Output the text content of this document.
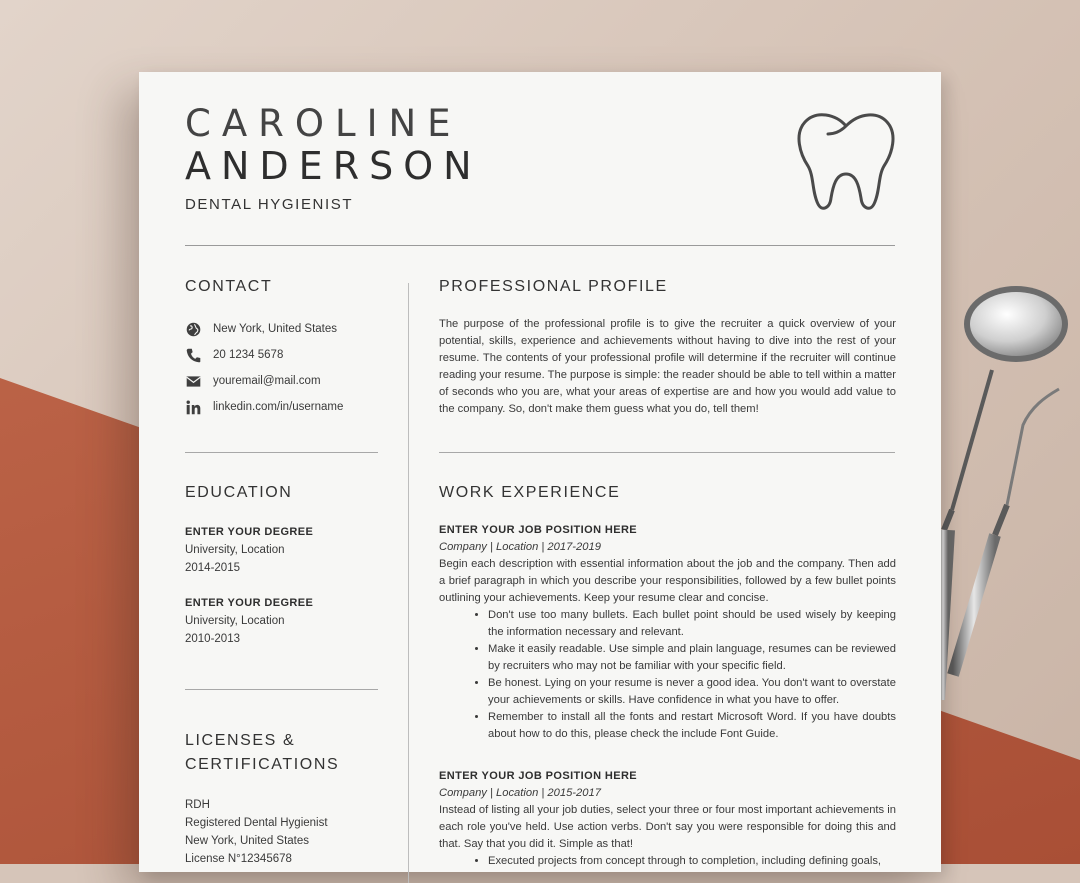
CAROLINE
ANDERSON
DENTAL HYGIENIST
CONTACT
New York, United States
20 1234 5678
youremail@mail.com
linkedin.com/in/username
EDUCATION
ENTER YOUR DEGREE
University, Location
2014-2015
ENTER YOUR DEGREE
University, Location
2010-2013
LICENSES &
CERTIFICATIONS
RDH
Registered Dental Hygienist
New York, United States
License N°12345678
PROFESSIONAL PROFILE
The purpose of the professional profile is to give the recruiter a quick overview of your potential, skills, experience and achievements without having to dive into the rest of your resume. The contents of your professional profile will determine if the recruiter will continue reading your resume. The purpose is simple: the reader should be able to tell within a matter of seconds who you are, what your areas of expertise are and how you would add value to the company. So, don't make them guess what you do, tell them!
WORK EXPERIENCE
ENTER YOUR JOB POSITION HERE
Company | Location | 2017-2019
Begin each description with essential information about the job and the company. Then add a brief paragraph in which you describe your responsibilities, followed by a few bullet points outlining your achievements. Keep your resume clear and concise.
• Don't use too many bullets. Each bullet point should be used wisely by keeping the information necessary and relevant.
• Make it easily readable. Use simple and plain language, resumes can be reviewed by recruiters who may not be familiar with your specific field.
• Be honest. Lying on your resume is never a good idea. You don't want to overstate your achievements or skills. Have confidence in what you have to offer.
• Remember to install all the fonts and restart Microsoft Word. If you have doubts about how to do this, please check the include Font Guide.
ENTER YOUR JOB POSITION HERE
Company | Location | 2015-2017
Instead of listing all your job duties, select your three or four most important achievements in each role you've held. Use action verbs. Don't say you were responsible for doing this and that. Say that you did it. Simple as that!
• Executed projects from concept through to completion, including defining goals,
